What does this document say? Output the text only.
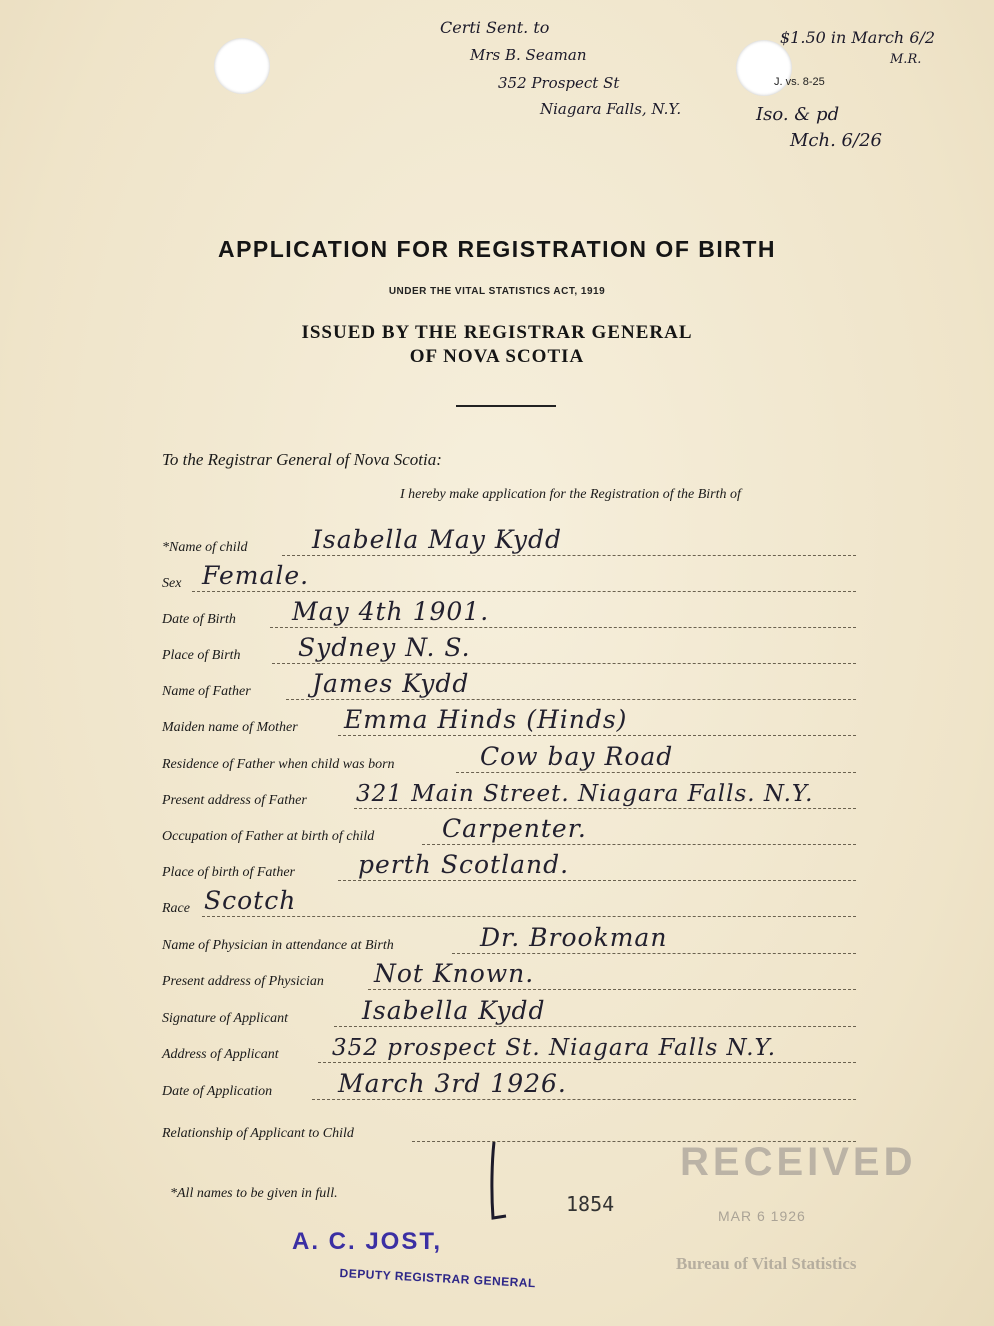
Certi Sent. to
Mrs B. Seaman
352 Prospect St
Niagara Falls, N.Y.
$1.50 in March 6/2
M.R.
J. vs. 8-25
Iso. & pd
Mch. 6/26
APPLICATION FOR REGISTRATION OF BIRTH
UNDER THE VITAL STATISTICS ACT, 1919
ISSUED BY THE REGISTRAR GENERAL
OF NOVA SCOTIA
To the Registrar General of Nova Scotia:
I hereby make application for the Registration of the Birth of
*Name of child	Isabella May Kydd
Sex Female.
Date of Birth May 4th 1901.
Place of Birth Sydney N. S.
Name of Father James Kydd
Maiden name of Mother Emma Hinds (Hinds)
Residence of Father when child was born	Cow bay Road
Present address of Father 321 Main Street. Niagara Falls. N.Y.
Occupation of Father at birth of child	Carpenter.
Place of birth of Father	perth Scotland.
Race Scotch
Name of Physician in attendance at Birth	Dr. Brookman
Present address of Physician Not Known.
Signature of Applicant	Isabella Kydd
Address of Applicant 352 prospect St. Niagara Falls N.Y.
Date of Application	March 3rd 1926.
Relationship of Applicant to Child
*All names to be given in full.	1854
A. C. JOST,
DEPUTY REGISTRAR GENERAL
RECEIVED
MAR 6 1926
Bureau of Vital Statistics
